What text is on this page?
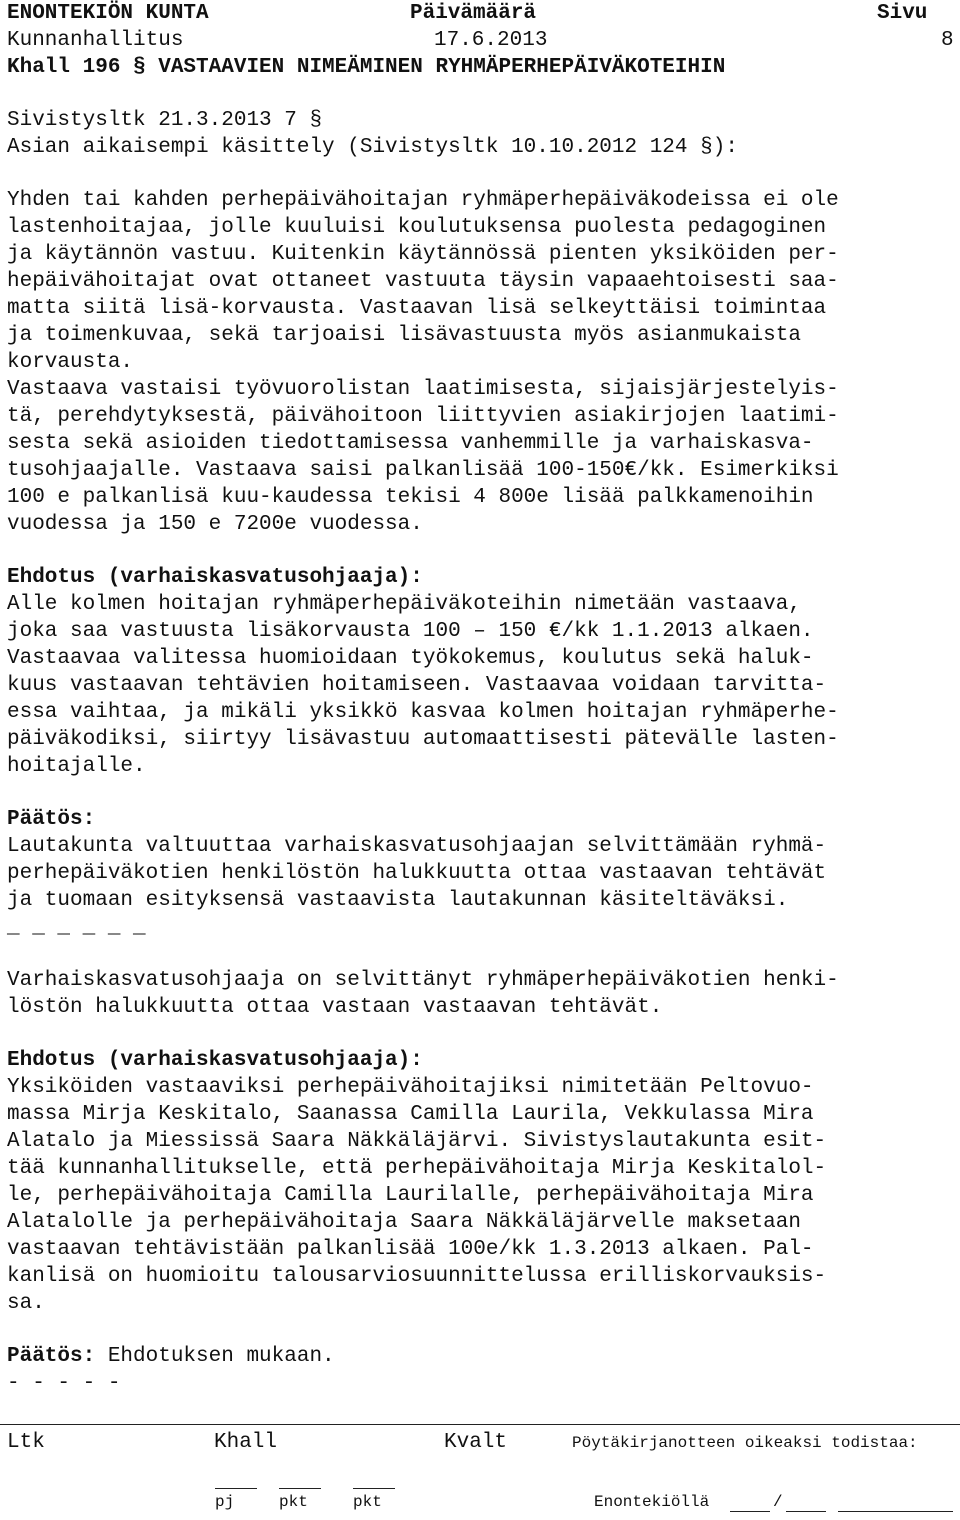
ENONTEKIÖN KUNTA	Päivämäärä	Sivu
Kunnanhallitus	17.6.2013	8
Khall 196 § VASTAAVIEN NIMEÄMINEN RYHMÄPERHEPÄIVÄKOTEIHIN
Sivistysltk 21.3.2013 7 §
Asian aikaisempi käsittely (Sivistysltk 10.10.2012 124 §):
Yhden tai kahden perhepäivähoitajan ryhmäperhepäiväkodeissa ei ole
lastenhoitajaa, jolle kuuluisi koulutuksensa puolesta pedagoginen
ja käytännön vastuu. Kuitenkin käytännössä pienten yksiköiden per-
hepäivähoitajat ovat ottaneet vastuuta täysin vapaaehtoisesti saa-
matta siitä lisä-korvausta. Vastaavan lisä selkeyttäisi toimintaa
ja toimenkuvaa, sekä tarjoaisi lisävastuusta myös asianmukaista
korvausta.
Vastaava vastaisi työvuorolistan laatimisesta, sijaisjärjestelyis-
tä, perehdytyksestä, päivähoitoon liittyvien asiakirjojen laatimi-
sesta sekä asioiden tiedottamisessa vanhemmille ja varhaiskasva-
tusohjaajalle. Vastaava saisi palkanlisää 100-150€/kk. Esimerkiksi
100 e palkanlisä kuu-kaudessa tekisi 4 800e lisää palkkamenoihin
vuodessa ja 150 e 7200e vuodessa.
Ehdotus (varhaiskasvatusohjaaja):
Alle kolmen hoitajan ryhmäperhepäiväkoteihin nimetään vastaava,
joka saa vastuusta lisäkorvausta 100 – 150 €/kk 1.1.2013 alkaen.
Vastaavaa valitessa huomioidaan työkokemus, koulutus sekä haluk-
kuus vastaavan tehtävien hoitamiseen. Vastaavaa voidaan tarvitta-
essa vaihtaa, ja mikäli yksikkö kasvaa kolmen hoitajan ryhmäperhe-
päiväkodiksi, siirtyy lisävastuu automaattisesti pätevälle lasten-
hoitajalle.
Päätös:
Lautakunta valtuuttaa varhaiskasvatusohjaajan selvittämään ryhmä-
perhepäiväkotien henkilöstön halukkuutta ottaa vastaavan tehtävät
ja tuomaan esityksensä vastaavista lautakunnan käsiteltäväksi.
_ _ _ _ _ _
Varhaiskasvatusohjaaja on selvittänyt ryhmäperhepäiväkotien henki-
löstön halukkuutta ottaa vastaan vastaavan tehtävät.
Ehdotus (varhaiskasvatusohjaaja):
Yksiköiden vastaaviksi perhepäivähoitajiksi nimitetään Peltovuo-
massa Mirja Keskitalo, Saanassa Camilla Laurila, Vekkulassa Mira
Alatalo ja Miessissä Saara Näkkäläjärvi. Sivistyslautakunta esit-
tää kunnanhallitukselle, että perhepäivähoitaja Mirja Keskitalol-
le, perhepäivähoitaja Camilla Laurilalle, perhepäivähoitaja Mira
Alatalolle ja perhepäivähoitaja Saara Näkkäläjärvelle maksetaan
vastaavan tehtävistään palkanlisää 100e/kk 1.3.2013 alkaen. Pal-
kanlisä on huomioitu talousarviosuunnittelussa erilliskorvauksis-
sa.
Päätös: Ehdotuksen mukaan.
- - - - -
Ltk	Khall	Kvalt	Pöytäkirjanotteen oikeaksi todistaa:
pj	pkt	pkt	Enontekiöllä	/
